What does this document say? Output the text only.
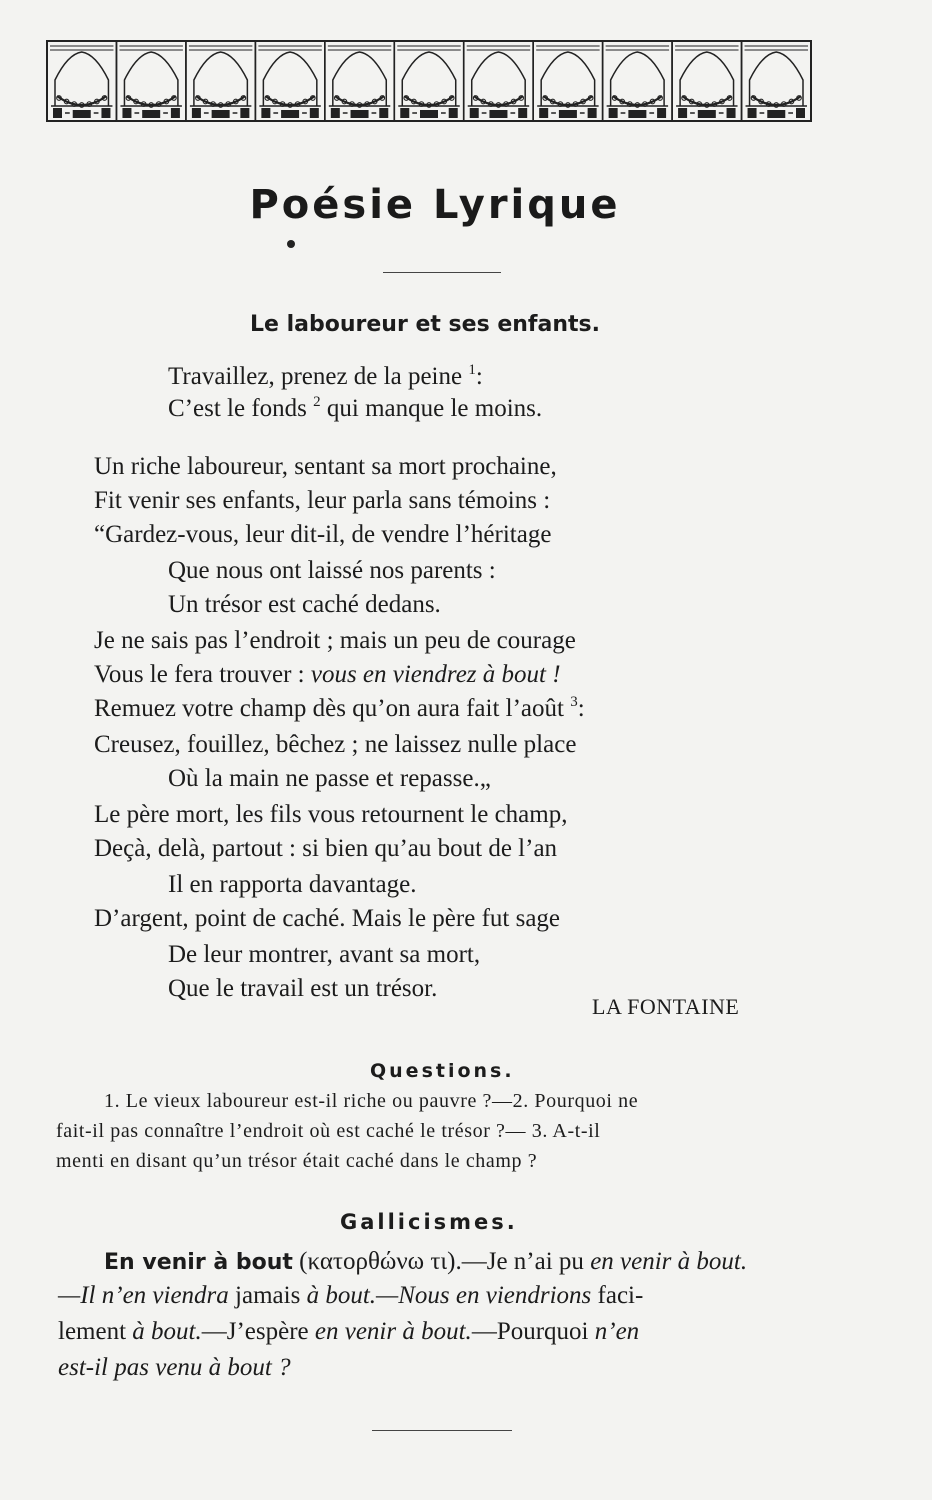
Poésie Lyrique
Le laboureur et ses enfants.
Travaillez, prenez de la peine $^1$:
C’est le fonds $^2$ qui manque le moins.
Un riche laboureur, sentant sa mort prochaine,
Fit venir ses enfants, leur parla sans témoins :
“Gardez-vous, leur dit-il, de vendre l’héritage
Que nous ont laissé nos parents :
Un trésor est caché dedans.
Je ne sais pas l’endroit ; mais un peu de courage
Vous le fera trouver : vous en viendrez à bout !
Remuez votre champ dès qu’on aura fait l’août $^3$:
Creusez, fouillez, bêchez ; ne laissez nulle place
Où la main ne passe et repasse.„
Le père mort, les fils vous retournent le champ,
Deçà, delà, partout : si bien qu’au bout de l’an
Il en rapporta davantage.
D’argent, point de caché. Mais le père fut sage
De leur montrer, avant sa mort,
Que le travail est un trésor.
LA FONTAINE
Questions.
1. Le vieux laboureur est-il riche ou pauvre ?—2. Pourquoi ne
fait-il pas connaître l’endroit où est caché le trésor ?— 3. A-t-il
menti en disant qu’un trésor était caché dans le champ ?
Gallicismes.
En venir à bout (κατορθώνω τι).—Je n’ai pu en venir à bout.
—Il n’en viendra jamais à bout.—Nous en viendrions faci-
lement à bout.—J’espère en venir à bout.—Pourquoi n’en
est-il pas venu à bout ?
